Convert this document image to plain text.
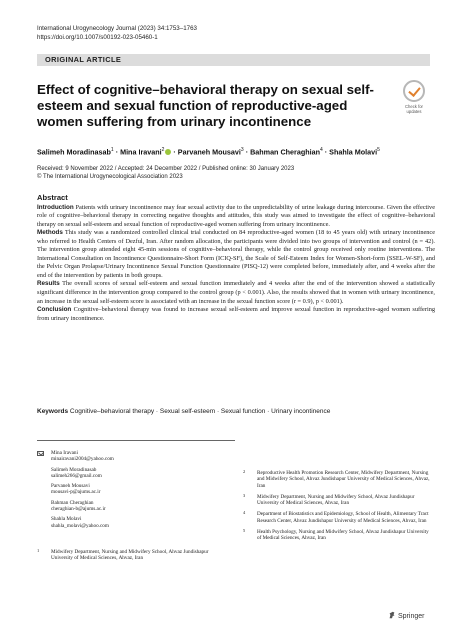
International Urogynecology Journal (2023) 34:1753–1763
https://doi.org/10.1007/s00192-023-05460-1
ORIGINAL ARTICLE
Check for
updates
Effect of cognitive–behavioral therapy on sexual self-esteem and sexual function of reproductive-aged women suffering from urinary incontinence
Salimeh Moradinasab$^1$ · Mina Iravani$^2$ · Parvaneh Mousavi$^3$ · Bahman Cheraghian$^4$ · Shahla Molavi$^5$
Received: 9 November 2022 / Accepted: 24 December 2022 / Published online: 30 January 2023
© The International Urogynecological Association 2023
Abstract

Introduction Patients with urinary incontinence may fear sexual activity due to the unpredictability of urine leakage during intercourse. Given the effective role of cognitive–behavioral therapy in correcting negative thoughts and attitudes, this study was aimed to investigate the effect of cognitive–behavioral therapy on sexual self-esteem and sexual function of reproductive-aged women suffering from urinary incontinence.

Methods This study was a randomized controlled clinical trial conducted on 84 reproductive-aged women (18 to 45 years old) with urinary incontinence who referred to Health Centers of Dezful, Iran. After random allocation, the participants were divided into two groups of intervention and control (n = 42). The intervention group attended eight 45-min sessions of cognitive–behavioral therapy, while the control group received only routine interventions. The International Consultation on Incontinence Questionnaire-Short Form (ICIQ-SF), the Scale of Self-Esteem Index for Women-Short-form (SSEL-W-SF), and the Pelvic Organ Prolapse/Urinary Incontinence Sexual Function Questionnaire (PISQ-12) were completed before, immediately after, and 4 weeks after the end of the intervention by patients in both groups.

Results The overall scores of sexual self-esteem and sexual function immediately and 4 weeks after the end of the intervention showed a statistically significant difference in the intervention group compared to the control group (p < 0.001). Also, the results showed that in women with urinary incontinence, an increase in the sexual self-esteem score is associated with an increase in the sexual function score (r = 0.9), p < 0.001).

Conclusion Cognitive–behavioral therapy was found to increase sexual self-esteem and improve sexual function in reproductive-aged women suffering from urinary incontinence.

Keywords Cognitive–behavioral therapy · Sexual self-esteem · Sexual function · Urinary incontinence
Mina Iravani
minairavani2004@yahoo.com
Salimeh Moradinasab
salimeh266@gmail.com
Parvaneh Mousavi
mousavi-p@ajums.ac.ir
Bahman Cheraghian
cheraghian-b@ajums.ac.ir
Shahla Molavi
shahla_molavi@yahoo.com
1 Midwifery Department, Nursing and Midwifery School, Ahvaz Jundishapur University of Medical Sciences, Ahvaz, Iran
2 Reproductive Health Promotion Research Center, Midwifery Department, Nursing and Midwifery School, Ahvaz Jundishapur University of Medical Sciences, Ahvaz, Iran
3 Midwifery Department, Nursing and Midwifery School, Ahvaz Jundishapur University of Medical Sciences, Ahvaz, Iran
4 Department of Biostatistics and Epidemiology, School of Health, Alimentary Tract Research Center, Ahvaz Jundishapur University of Medical Sciences, Ahvaz, Iran
5 Health Psychology, Nursing and Midwifery School, Ahvaz Jundishapur University of Medical Sciences, Ahvaz, Iran
Springer
